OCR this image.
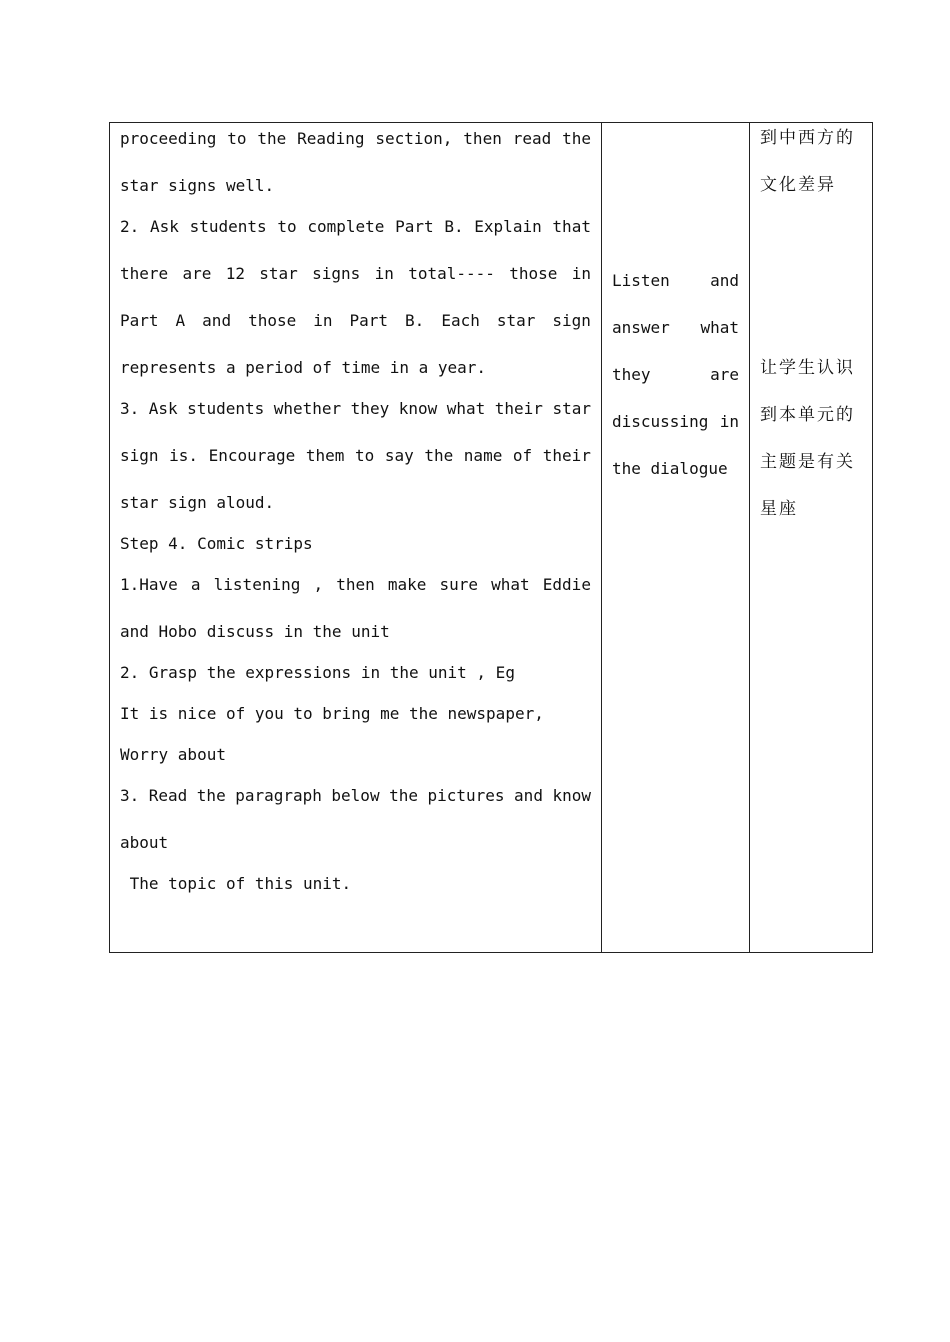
proceeding to the Reading section, then read the
star signs well.
2. Ask students to complete Part B. Explain that
there are 12 star signs in total---- those in
Part A and those in Part B. Each star sign
represents a period of time in a year.
3. Ask students whether they know what their star
sign is. Encourage them to say the name of their
star sign aloud.
Step 4. Comic strips
1.Have a listening , then make sure what Eddie
and Hobo discuss in the unit
2. Grasp the expressions in the unit , Eg
It is nice of you to bring me the newspaper,
Worry about
3. Read the paragraph below the pictures and know
about
The topic of this unit.
Listen	and
answer what
they	are
discussing in
the dialogue
到中西方的
文化差异
让学生认识
到本单元的
主题是有关
星座
